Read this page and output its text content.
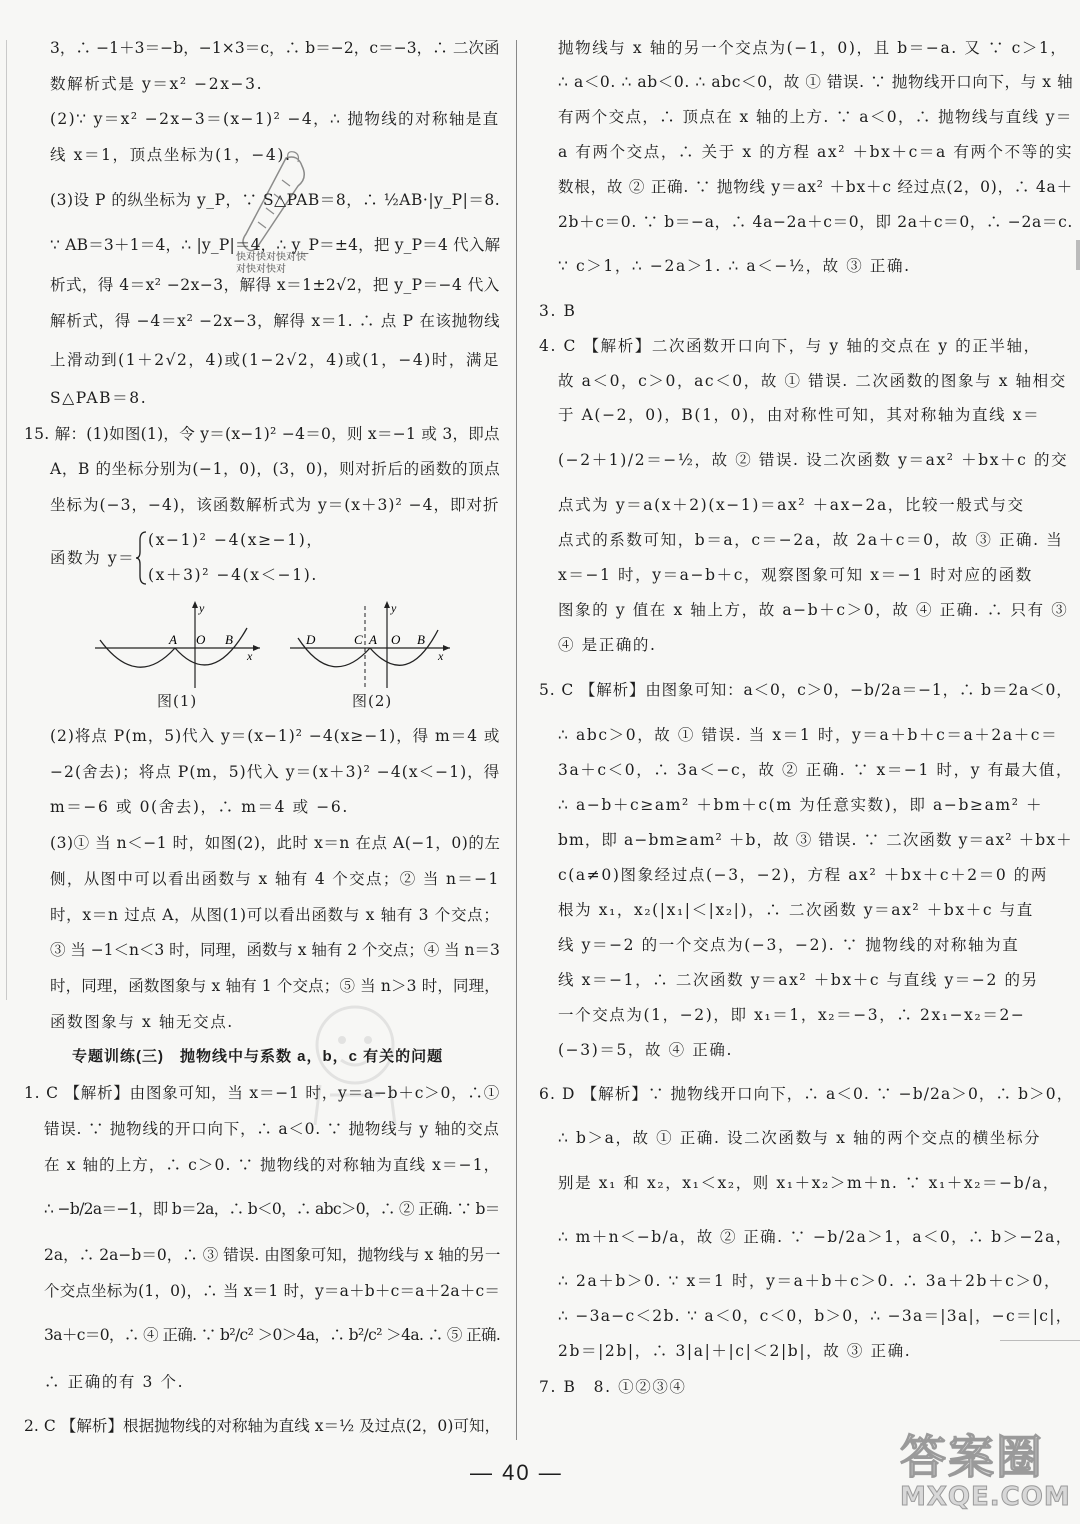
3，∴ −1＋3＝−b，−1×3＝c，∴ b＝−2，c＝−3，∴ 二次函
数解析式是 y＝x² −2x−3.
(2)∵ y＝x² −2x−3＝(x−1)² −4，∴ 抛物线的对称轴是直
线 x＝1，顶点坐标为(1，−4).
(3)设 P 的纵坐标为 y_P，∵ S△PAB＝8，∴ ½AB·|y_P|＝8.
∵ AB＝3＋1＝4，∴ |y_P|＝4，∴ y_P＝±4，把 y_P＝4 代入解
析式，得 4＝x² −2x−3，解得 x＝1±2√2，把 y_P＝−4 代入
解析式，得 −4＝x² −2x−3，解得 x＝1. ∴ 点 P 在该抛物线
上滑动到(1＋2√2，4)或(1−2√2，4)或(1，−4)时，满足
S△PAB＝8.
15. 解：(1)如图(1)，令 y＝(x−1)² −4＝0，则 x＝−1 或 3，即点
A，B 的坐标分别为(−1，0)，(3，0)，则对折后的函数的顶点
坐标为(−3，−4)，该函数解析式为 y＝(x＋3)² −4，即对折
(2)将点 P(m，5)代入 y＝(x−1)² −4(x≥−1)，得 m＝4 或
−2(舍去)；将点 P(m，5)代入 y＝(x＋3)² −4(x＜−1)，得
m＝−6 或 0(舍去)，∴ m＝4 或 −6.
(3)① 当 n＜−1 时，如图(2)，此时 x＝n 在点 A(−1，0)的左
侧，从图中可以看出函数与 x 轴有 4 个交点；② 当 n＝−1
时，x＝n 过点 A，从图(1)可以看出函数与 x 轴有 3 个交点；
③ 当 −1＜n＜3 时，同理，函数与 x 轴有 2 个交点；④ 当 n＝3
时，同理，函数图象与 x 轴有 1 个交点；⑤ 当 n＞3 时，同理，
函数图象与 x 轴无交点.
1. C 【解析】由图象可知，当 x＝−1 时，y＝a−b＋c＞0，∴①
错误. ∵ 抛物线的开口向下，∴ a＜0. ∵ 抛物线与 y 轴的交点
在 x 轴的上方，∴ c＞0. ∵ 抛物线的对称轴为直线 x＝−1，
∴ −b/2a＝−1，即 b＝2a，∴ b＜0，∴ abc＞0，∴ ② 正确. ∵ b＝
2a，∴ 2a−b＝0，∴ ③ 错误. 由图象可知，抛物线与 x 轴的另一
个交点坐标为(1，0)，∴ 当 x＝1 时，y＝a＋b＋c＝a＋2a＋c＝
3a＋c＝0，∴ ④ 正确. ∵ b²/c² ＞0＞4a，∴ b²/c² ＞4a. ∴ ⑤ 正确.
∴ 正确的有 3 个.
2. C 【解析】根据抛物线的对称轴为直线 x＝½ 及过点(2，0)可知，
函数为 y＝
(x−1)² −4(x≥−1)，
(x＋3)² −4(x＜−1).
y
x
A O B
图(1)
y
x
D	C A O B
图(2)
专题训练(三)　抛物线中与系数 a，b，c 有关的问题
抛物线与 x 轴的另一个交点为(−1，0)，且 b＝−a. 又 ∵ c＞1，
∴ a＜0. ∴ ab＜0. ∴ abc＜0，故 ① 错误. ∵ 抛物线开口向下，与 x 轴
有两个交点，∴ 顶点在 x 轴的上方. ∵ a＜0，∴ 抛物线与直线 y＝
a 有两个交点，∴ 关于 x 的方程 ax² ＋bx＋c＝a 有两个不等的实
数根，故 ② 正确. ∵ 抛物线 y＝ax² ＋bx＋c 经过点(2，0)，∴ 4a＋
2b＋c＝0. ∵ b＝−a，∴ 4a−2a＋c＝0，即 2a＋c＝0，∴ −2a＝c.
∵ c＞1，∴ −2a＞1. ∴ a＜−½，故 ③ 正确.
3. B
4. C 【解析】二次函数开口向下，与 y 轴的交点在 y 的正半轴，
故 a＜0，c＞0，ac＜0，故 ① 错误. 二次函数的图象与 x 轴相交
于 A(−2，0)，B(1，0)，由对称性可知，其对称轴为直线 x＝
(−2＋1)/2＝−½，故 ② 错误. 设二次函数 y＝ax² ＋bx＋c 的交
点式为 y＝a(x＋2)(x−1)＝ax² ＋ax−2a，比较一般式与交
点式的系数可知，b＝a，c＝−2a，故 2a＋c＝0，故 ③ 正确. 当
x＝−1 时，y＝a−b＋c，观察图象可知 x＝−1 时对应的函数
图象的 y 值在 x 轴上方，故 a−b＋c＞0，故 ④ 正确. ∴ 只有 ③
④ 是正确的.
5. C 【解析】由图象可知：a＜0，c＞0，−b/2a＝−1，∴ b＝2a＜0，
∴ abc＞0，故 ① 错误. 当 x＝1 时，y＝a＋b＋c＝a＋2a＋c＝
3a＋c＜0，∴ 3a＜−c，故 ② 正确. ∵ x＝−1 时，y 有最大值，
∴ a−b＋c≥am² ＋bm＋c(m 为任意实数)，即 a−b≥am² ＋
bm，即 a−bm≥am² ＋b，故 ③ 错误. ∵ 二次函数 y＝ax² ＋bx＋
c(a≠0)图象经过点(−3，−2)，方程 ax² ＋bx＋c＋2＝0 的两
根为 x₁，x₂(|x₁|＜|x₂|)，∴ 二次函数 y＝ax² ＋bx＋c 与直
线 y＝−2 的一个交点为(−3，−2). ∵ 抛物线的对称轴为直
线 x＝−1，∴ 二次函数 y＝ax² ＋bx＋c 与直线 y＝−2 的另
一个交点为(1，−2)，即 x₁＝1，x₂＝−3，∴ 2x₁−x₂＝2−
(−3)＝5，故 ④ 正确.
6. D 【解析】∵ 抛物线开口向下，∴ a＜0. ∵ −b/2a＞0，∴ b＞0，
∴ b＞a，故 ① 正确. 设二次函数与 x 轴的两个交点的横坐标分
别是 x₁ 和 x₂，x₁＜x₂，则 x₁＋x₂＞m＋n. ∵ x₁＋x₂＝−b/a，
∴ m＋n＜−b/a，故 ② 正确. ∵ −b/2a＞1，a＜0，∴ b＞−2a，
∴ 2a＋b＞0. ∵ x＝1 时，y＝a＋b＋c＞0. ∴ 3a＋2b＋c＞0，
∴ −3a−c＜2b. ∵ a＜0，c＜0，b＞0，∴ −3a＝|3a|，−c＝|c|，
2b＝|2b|，∴ 3|a|＋|c|＜2|b|，故 ③ 正确.
7. B　8. ①②③④
快对快对快对快对快对快对
— 40 —	答案圈
MXQE.COM
